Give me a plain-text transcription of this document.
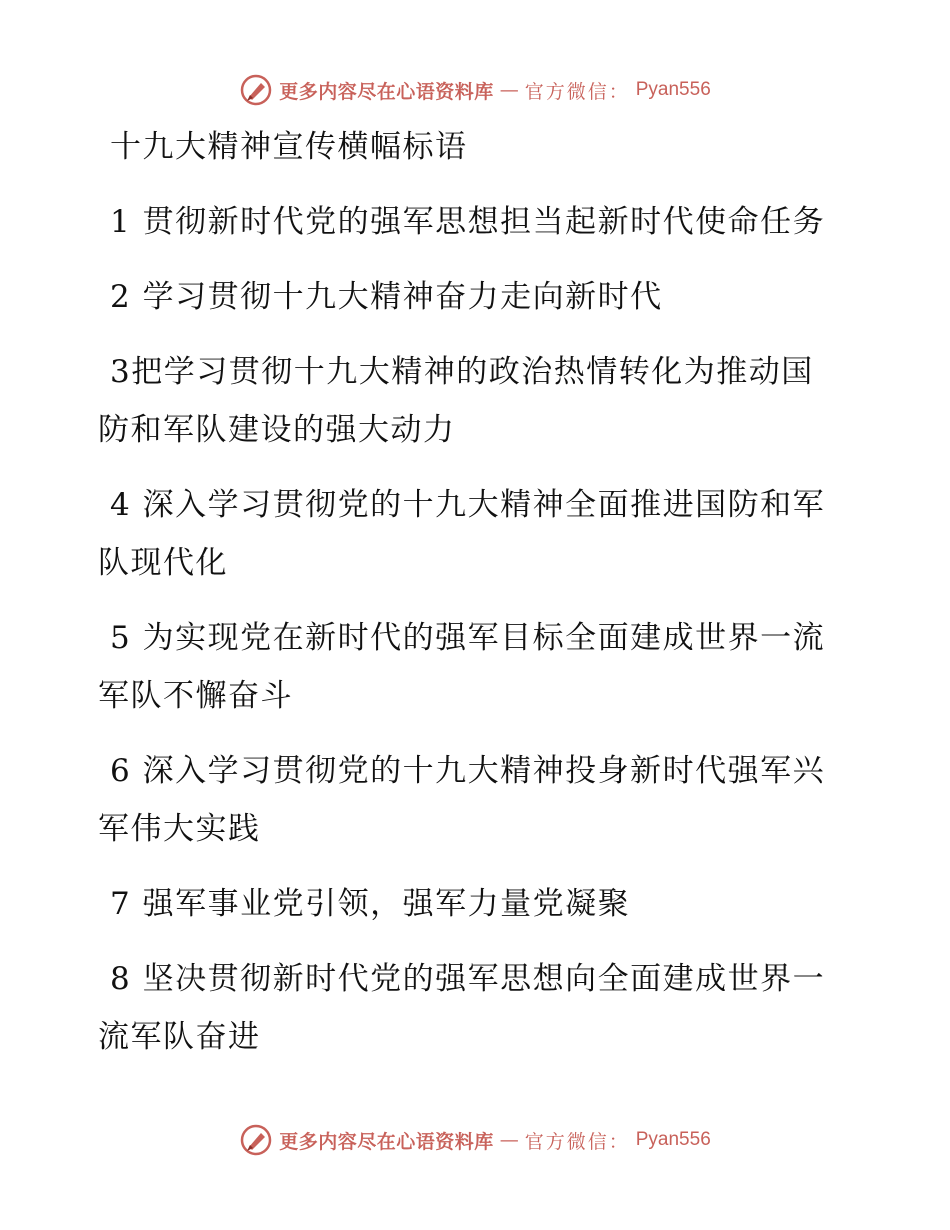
更多内容尽在心语资料库 — 官方微信： Pyan556
十九大精神宣传横幅标语
1 贯彻新时代党的强军思想担当起新时代使命任务
2 学习贯彻十九大精神奋力走向新时代
3把学习贯彻十九大精神的政治热情转化为推动国
防和军队建设的强大动力
4 深入学习贯彻党的十九大精神全面推进国防和军
队现代化
5 为实现党在新时代的强军目标全面建成世界一流
军队不懈奋斗
6 深入学习贯彻党的十九大精神投身新时代强军兴
军伟大实践
7 强军事业党引领，强军力量党凝聚
8 坚决贯彻新时代党的强军思想向全面建成世界一
流军队奋进
更多内容尽在心语资料库 — 官方微信： Pyan556
